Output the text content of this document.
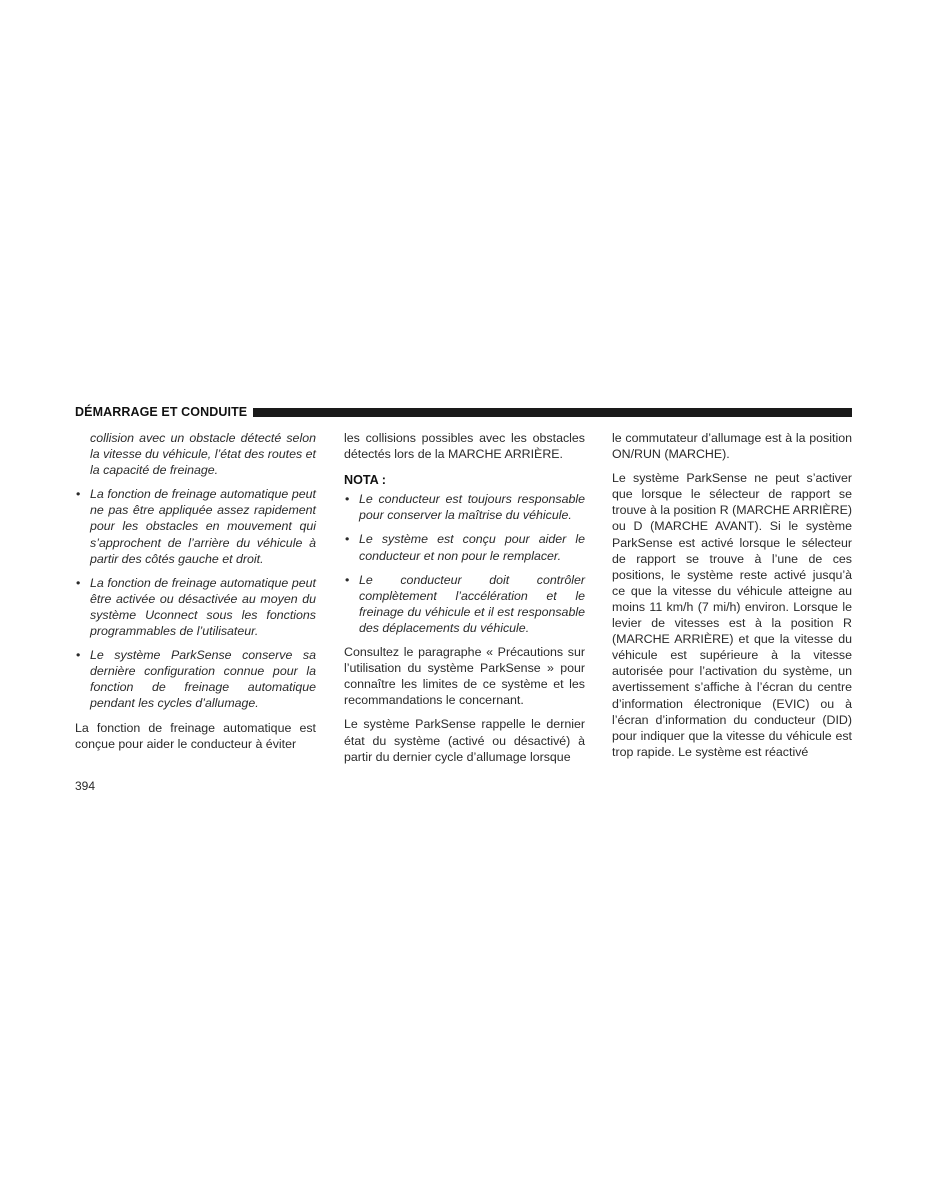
DÉMARRAGE ET CONDUITE

collision avec un obstacle détecté selon la vitesse du véhicule, l’état des routes et la capacité de freinage.

• La fonction de freinage automatique peut ne pas être appliquée assez rapidement pour les obstacles en mouvement qui s’approchent de l’arrière du véhicule à partir des côtés gauche et droit.
• La fonction de freinage automatique peut être activée ou désactivée au moyen du système Uconnect sous les fonctions programmables de l’utilisateur.
• Le système ParkSense conserve sa dernière configuration connue pour la fonction de freinage automatique pendant les cycles d’allumage.

La fonction de freinage automatique est conçue pour aider le conducteur à éviter

les collisions possibles avec les obstacles détectés lors de la MARCHE ARRIÈRE.

NOTA :
• Le conducteur est toujours responsable pour conserver la maîtrise du véhicule.
• Le système est conçu pour aider le conducteur et non pour le remplacer.
• Le conducteur doit contrôler complètement l’accélération et le freinage du véhicule et il est responsable des déplacements du véhicule.

Consultez le paragraphe « Précautions sur l’utilisation du système ParkSense » pour connaître les limites de ce système et les recommandations le concernant.

Le système ParkSense rappelle le dernier état du système (activé ou désactivé) à partir du dernier cycle d’allumage lorsque

le commutateur d’allumage est à la position ON/RUN (MARCHE).

Le système ParkSense ne peut s’activer que lorsque le sélecteur de rapport se trouve à la position R (MARCHE ARRIÈRE) ou D (MARCHE AVANT). Si le système ParkSense est activé lorsque le sélecteur de rapport se trouve à l’une de ces positions, le système reste activé jusqu’à ce que la vitesse du véhicule atteigne au moins 11 km/h (7 mi/h) environ. Lorsque le levier de vitesses est à la position R (MARCHE ARRIÈRE) et que la vitesse du véhicule est supérieure à la vitesse autorisée pour l’activation du système, un avertissement s’affiche à l’écran du centre d’information électronique (EVIC) ou à l’écran d’information du conducteur (DID) pour indiquer que la vitesse du véhicule est trop rapide. Le système est réactivé

394
